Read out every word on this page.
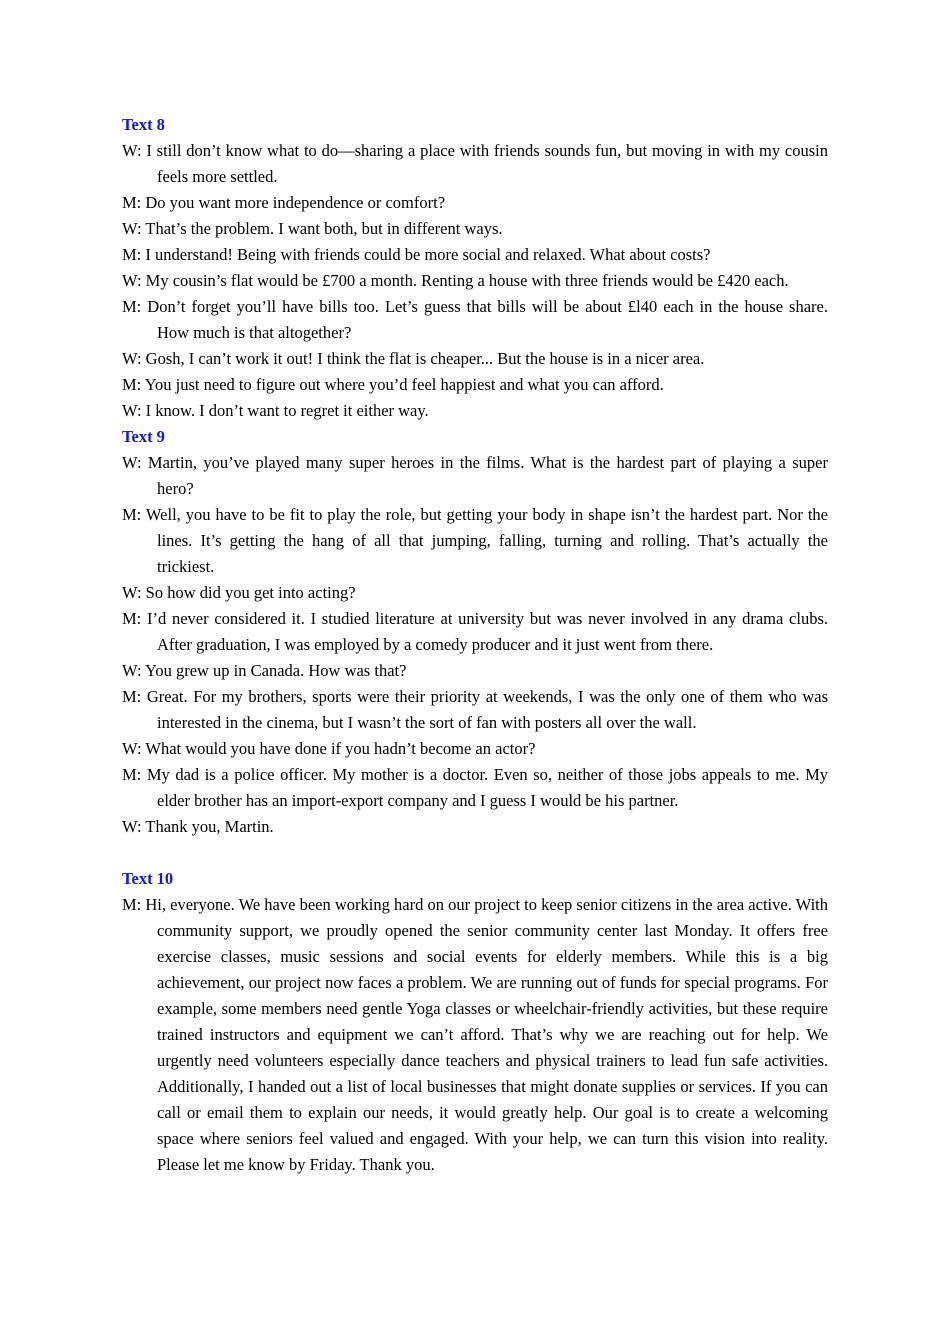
Text 8

W: I still don’t know what to do—sharing a place with friends sounds fun, but moving in with my cousin feels more settled.

M: Do you want more independence or comfort?

W: That’s the problem. I want both, but in different ways.

M: I understand! Being with friends could be more social and relaxed. What about costs?

W: My cousin’s flat would be £700 a month. Renting a house with three friends would be £420 each.

M: Don’t forget you’ll have bills too. Let’s guess that bills will be about £l40 each in the house share. How much is that altogether?

W: Gosh, I can’t work it out! I think the flat is cheaper... But the house is in a nicer area.

M: You just need to figure out where you’d feel happiest and what you can afford.

W: I know. I don’t want to regret it either way.

Text 9

W: Martin, you’ve played many super heroes in the films. What is the hardest part of playing a super hero?

M: Well, you have to be fit to play the role, but getting your body in shape isn’t the hardest part. Nor the lines. It’s getting the hang of all that jumping, falling, turning and rolling. That’s actually the trickiest.

W: So how did you get into acting?

M: I’d never considered it. I studied literature at university but was never involved in any drama clubs. After graduation, I was employed by a comedy producer and it just went from there.

W: You grew up in Canada. How was that?

M: Great. For my brothers, sports were their priority at weekends, I was the only one of them who was interested in the cinema, but I wasn’t the sort of fan with posters all over the wall.

W: What would you have done if you hadn’t become an actor?

M: My dad is a police officer. My mother is a doctor. Even so, neither of those jobs appeals to me. My elder brother has an import-export company and I guess I would be his partner.

W: Thank you, Martin.

Text 10

M: Hi, everyone. We have been working hard on our project to keep senior citizens in the area active. With community support, we proudly opened the senior community center last Monday. It offers free exercise classes, music sessions and social events for elderly members. While this is a big achievement, our project now faces a problem. We are running out of funds for special programs. For example, some members need gentle Yoga classes or wheelchair-friendly activities, but these require trained instructors and equipment we can’t afford. That’s why we are reaching out for help. We urgently need volunteers especially dance teachers and physical trainers to lead fun safe activities. Additionally, I handed out a list of local businesses that might donate supplies or services. If you can call or email them to explain our needs, it would greatly help. Our goal is to create a welcoming space where seniors feel valued and engaged. With your help, we can turn this vision into reality. Please let me know by Friday. Thank you.
